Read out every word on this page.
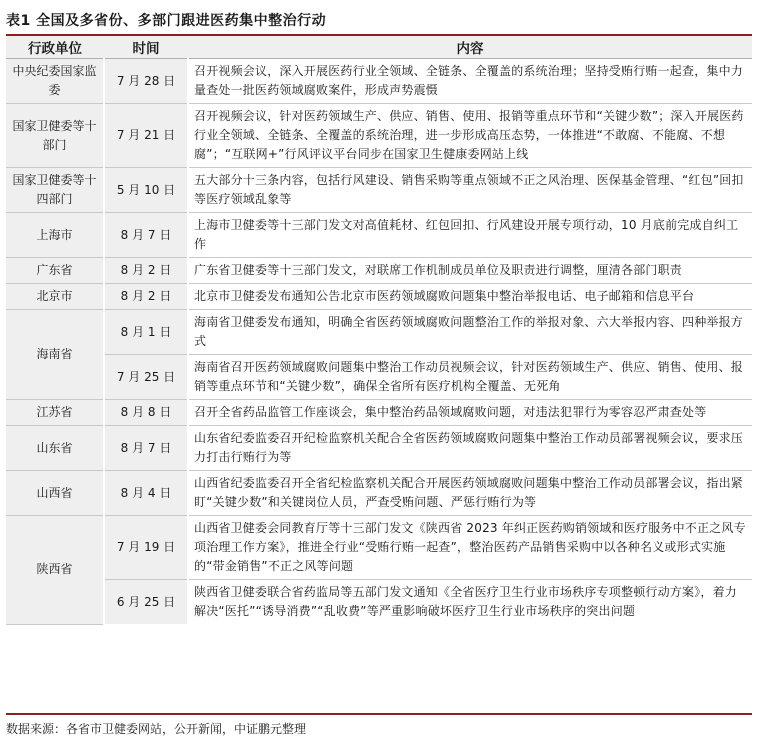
表1 全国及多省份、多部门跟进医药集中整治行动
行政单位	时间	内容
中央纪委国家监委	7 月 28 日	召开视频会议，深入开展医药行业全领域、全链条、全覆盖的系统治理；坚持受贿行贿一起查，集中力量查处一批医药领域腐败案件，形成声势震慑
国家卫健委等十部门	7 月 21 日	召开视频会议，针对医药领域生产、供应、销售、使用、报销等重点环节和“关键少数”；深入开展医药行业全领域、全链条、全覆盖的系统治理，进一步形成高压态势，一体推进“不敢腐、不能腐、不想腐”；“互联网+”行风评议平台同步在国家卫生健康委网站上线
国家卫健委等十四部门	5 月 10 日	五大部分十三条内容，包括行风建设、销售采购等重点领域不正之风治理、医保基金管理、“红包”回扣等医疗领域乱象等
上海市	8 月 7 日	上海市卫健委等十三部门发文对高值耗材、红包回扣、行风建设开展专项行动，10 月底前完成自纠工作
广东省	8 月 2 日	广东省卫健委等十三部门发文，对联席工作机制成员单位及职责进行调整，厘清各部门职责
北京市	8 月 2 日	北京市卫健委发布通知公告北京市医药领域腐败问题集中整治举报电话、电子邮箱和信息平台
海南省	8 月 1 日	海南省卫健委发布通知，明确全省医药领域腐败问题整治工作的举报对象、六大举报内容、四种举报方式
	7 月 25 日	海南省召开医药领域腐败问题集中整治工作动员视频会议，针对医药领域生产、供应、销售、使用、报销等重点环节和“关键少数”，确保全省所有医疗机构全覆盖、无死角
江苏省	8 月 8 日	召开全省药品监管工作座谈会，集中整治药品领域腐败问题，对违法犯罪行为零容忍严肃查处等
山东省	8 月 7 日	山东省纪委监委召开纪检监察机关配合全省医药领域腐败问题集中整治工作动员部署视频会议，要求压力打击行贿行为等
山西省	8 月 4 日	山西省纪委监委召开全省纪检监察机关配合开展医药领域腐败问题集中整治工作动员部署会议，指出紧盯“关键少数”和关键岗位人员，严查受贿问题、严惩行贿行为等
陕西省	7 月 19 日	山西省卫健委会同教育厅等十三部门发文《陕西省 2023 年纠正医药购销领域和医疗服务中不正之风专项治理工作方案》，推进全行业“受贿行贿一起查”，整治医药产品销售采购中以各种名义或形式实施的“带金销售”不正之风等问题
	6 月 25 日	陕西省卫健委联合省药监局等五部门发文通知《全省医疗卫生行业市场秩序专项整顿行动方案》，着力解决“医托”“诱导消费”“乱收费”等严重影响破坏医疗卫生行业市场秩序的突出问题
数据来源：各省市卫健委网站，公开新闻，中证鹏元整理
